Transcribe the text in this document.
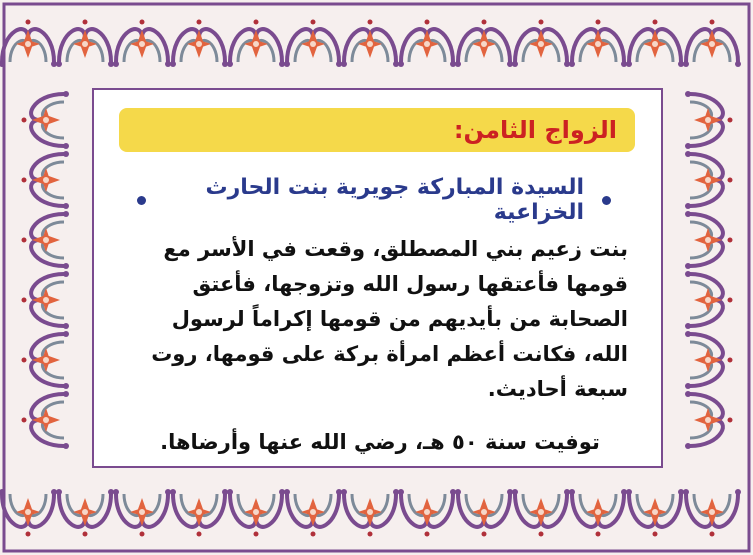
الزواج الثامن:
السيدة المباركة جويرية بنت الحارث الخزاعية
بنت زعيم بني المصطلق، وقعت في الأسر مع
قومها فأعتقها رسول الله وتزوجها، فأعتق
الصحابة من بأيديهم من قومها إكراماً لرسول
الله، فكانت أعظم امرأة بركة على قومها، روت
سبعة أحاديث.
توفيت سنة ٥٠ هـ، رضي الله عنها وأرضاها.
